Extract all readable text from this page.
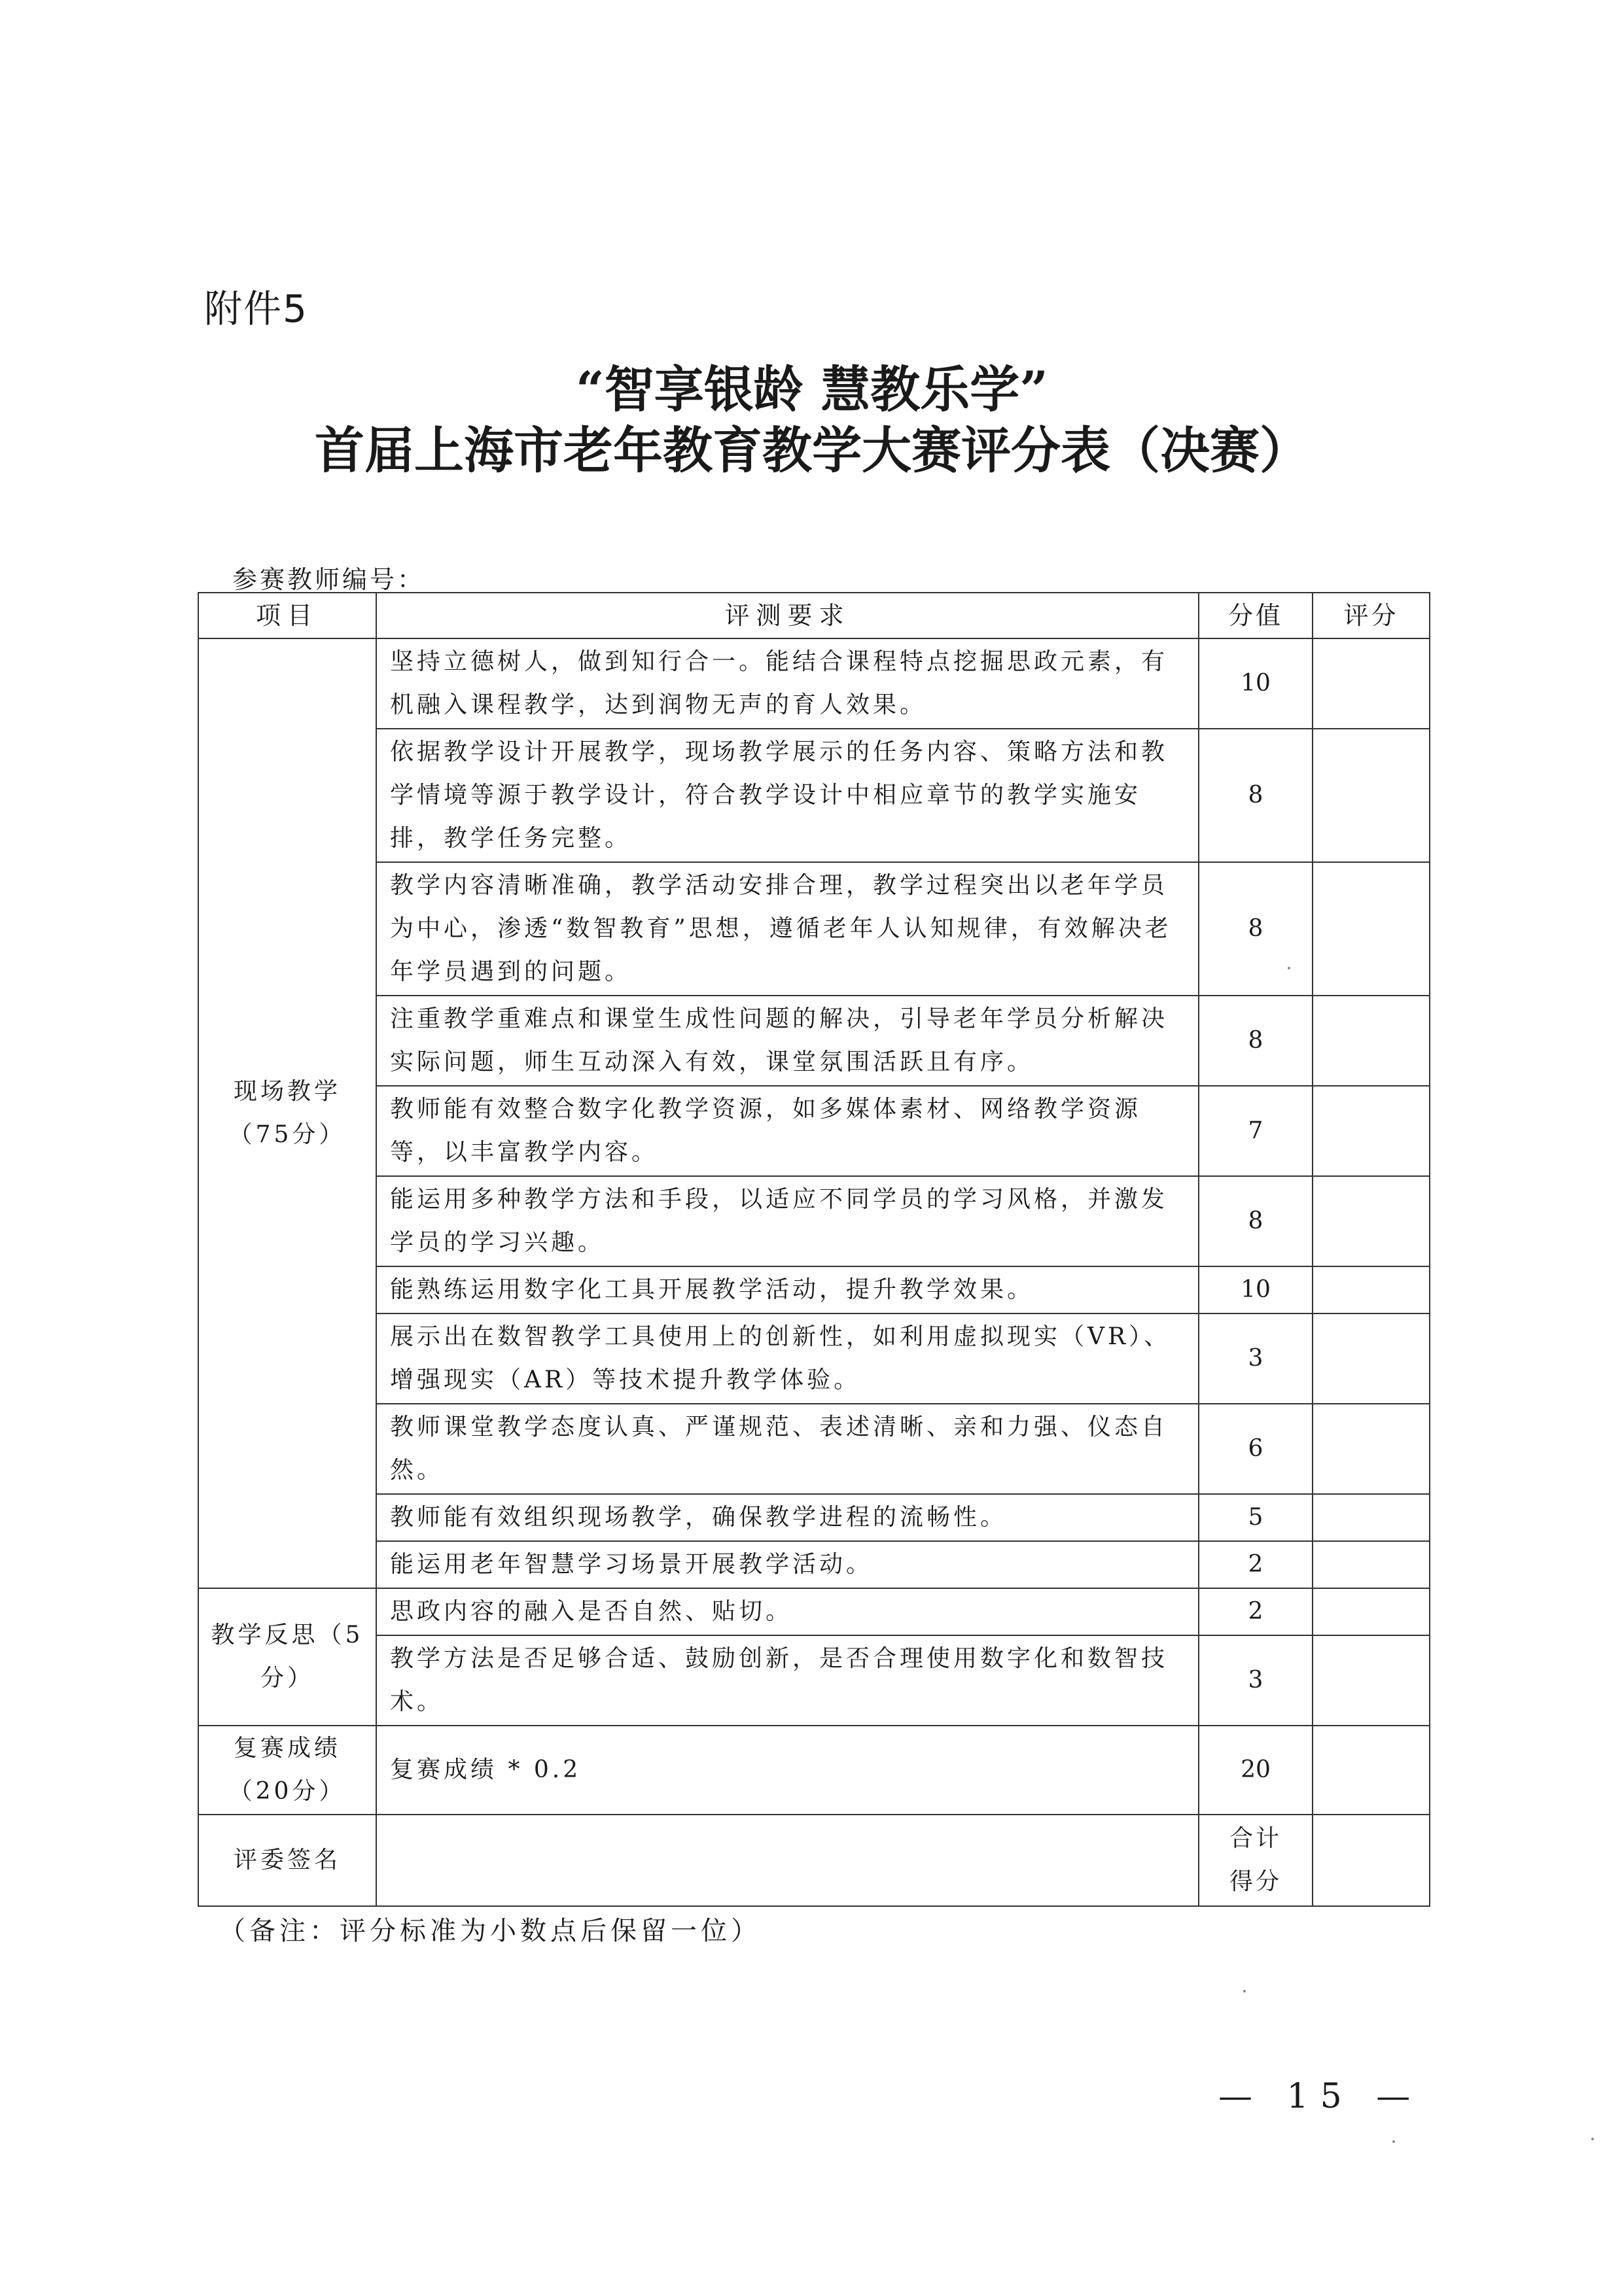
附件5
“智享银龄 慧教乐学”
首届上海市老年教育教学大赛评分表（决赛）
参赛教师编号：
项目	评测要求	分值	评分
现场教学
（75分）	坚持立德树人，做到知行合一。能结合课程特点挖掘思政元素，有机融入课程教学，达到润物无声的育人效果。	10	
	依据教学设计开展教学，现场教学展示的任务内容、策略方法和教学情境等源于教学设计，符合教学设计中相应章节的教学实施安排，教学任务完整。	8	
	教学内容清晰准确，教学活动安排合理，教学过程突出以老年学员为中心，渗透“数智教育”思想，遵循老年人认知规律，有效解决老年学员遇到的问题。	8	
	注重教学重难点和课堂生成性问题的解决，引导老年学员分析解决实际问题，师生互动深入有效，课堂氛围活跃且有序。	8	
	教师能有效整合数字化教学资源，如多媒体素材、网络教学资源等，以丰富教学内容。	7	
	能运用多种教学方法和手段，以适应不同学员的学习风格，并激发学员的学习兴趣。	8	
	能熟练运用数字化工具开展教学活动，提升教学效果。	10	
	展示出在数智教学工具使用上的创新性，如利用虚拟现实（VR）、增强现实（AR）等技术提升教学体验。	3	
	教师课堂教学态度认真、严谨规范、表述清晰、亲和力强、仪态自然。	6	
	教师能有效组织现场教学，确保教学进程的流畅性。	5	
	能运用老年智慧学习场景开展教学活动。	2	
教学反思（5分）	思政内容的融入是否自然、贴切。	2	
	教学方法是否足够合适、鼓励创新，是否合理使用数字化和数智技术。	3	
复赛成绩
（20分）	复赛成绩 * 0.2	20	
评委签名		合计
得分	
（备注：评分标准为小数点后保留一位）
— 15 —
